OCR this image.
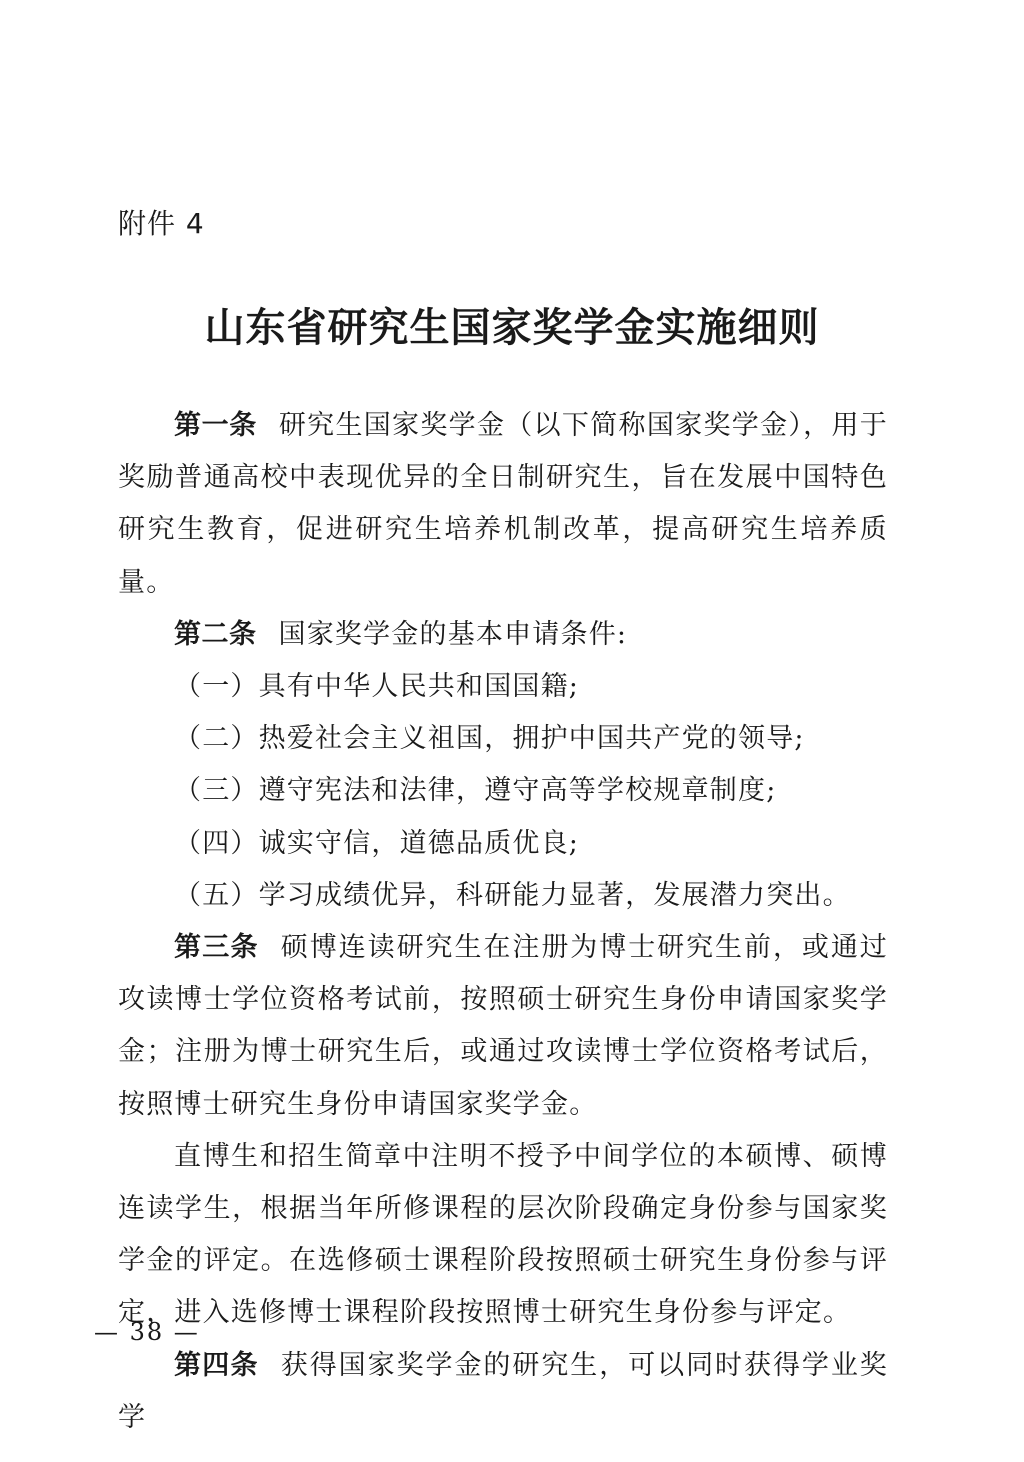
附件 4

山东省研究生国家奖学金实施细则

第一条 研究生国家奖学金（以下简称国家奖学金），用于奖励普通高校中表现优异的全日制研究生，旨在发展中国特色研究生教育，促进研究生培养机制改革，提高研究生培养质量。

第二条 国家奖学金的基本申请条件:

（一）具有中华人民共和国国籍;

（二）热爱社会主义祖国，拥护中国共产党的领导;

（三）遵守宪法和法律，遵守高等学校规章制度;

（四）诚实守信，道德品质优良;

（五）学习成绩优异，科研能力显著，发展潜力突出。

第三条 硕博连读研究生在注册为博士研究生前，或通过攻读博士学位资格考试前，按照硕士研究生身份申请国家奖学金；注册为博士研究生后，或通过攻读博士学位资格考试后，按照博士研究生身份申请国家奖学金。

直博生和招生简章中注明不授予中间学位的本硕博、硕博连读学生，根据当年所修课程的层次阶段确定身份参与国家奖学金的评定。在选修硕士课程阶段按照硕士研究生身份参与评定，进入选修博士课程阶段按照博士研究生身份参与评定。

第四条 获得国家奖学金的研究生，可以同时获得学业奖学

— 38 —
